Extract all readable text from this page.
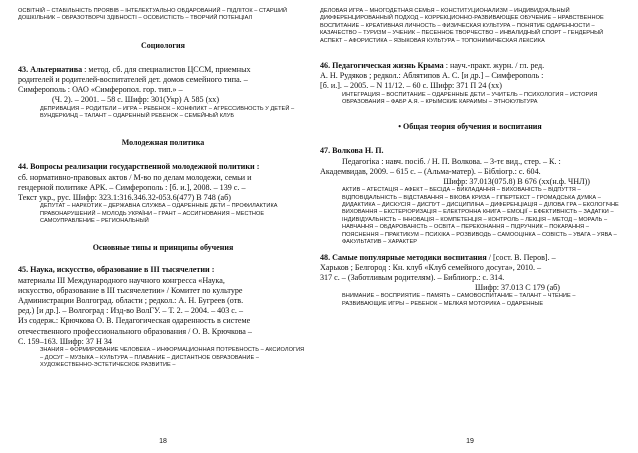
ОСВІТНІЙ – СТАБІЛЬНІСТЬ ПРОЯВІВ – ІНТЕЛЕКТУАЛЬНО ОБДАРОВАНИЙ – ПІДЛІТОК – СТАРШИЙ ДОШКІЛЬНИК – ОБРАЗОТВОРЧІ ЗДІБНОСТІ – ОСОБИСТІСТЬ – ТВОРЧИЙ ПОТЕНЦІАЛ
Социология
43. Альтернатива : метод. сб. для специалистов ЦССМ, приемных
родителей и родителей-воспитателей дет. домов семейного типа. –
Симферополь : ОАО «Симферопол. гор. тип.» –
(Ч. 2). – 2001. – 58 с. Шифр: 301(Укр) А 585 (хх)
ДЕПРИВАЦИЯ – РОДИТЕЛИ – ИГРА – РЕБЕНОК – КОНФЛИКТ – АГРЕССИВНОСТЬ У ДЕТЕЙ – ВУНДЕРКИНД – ТАЛАНТ – ОДАРЕННЫЙ РЕБЕНОК – СЕМЕЙНЫЙ КЛУБ
Молодежная политика
44. Вопросы реализации государственной молодежной политики :
сб. нормативно-правовых актов / М-во по делам молодежи, семьи и
гендерной политике АРК. – Симферополь : [б. и.], 2008. – 139 с. –
Текст укр., рус. Шифр: 323.1:316.346.32-053.6(477) В 748 (аб)
ДЕПУТАТ – НАРКОТИК – ДЕРЖАВНА СЛУЖБА – ОДАРЕННЫЕ ДЕТИ – ПРОФИЛАКТИКА ПРАВОНАРУШЕНИЙ – МОЛОДЬ УКРАЇНИ – ГРАНТ – АССИГНОВАНИЯ – МЕСТНОЕ САМОУПРАВЛЕНИЕ – РЕГИОНАЛЬНЫЙ
Основные типы и принципы обучения
45. Наука, искусство, образование в III тысячелетии :
материалы III Международного научного конгресса «Наука,
искусство, образование в III тысячелетии» / Комитет по культуре
Администрации Волгоград. области ; редкол.: А. Н. Бугреев (отв.
ред.) [и др.]. – Волгоград : Изд-во ВолГУ. – Т. 2. – 2004. – 403 с. –
Из содерж.: Крючкова О. В. Педагогическая одаренность в системе
отечественного профессионального образования / О. В. Крючкова –
С. 159–163. Шифр: 37 Н 34
ЗНАНИЯ – ФОРМИРОВАНИЕ ЧЕЛОВЕКА – ИНФОРМАЦИОННАЯ ПОТРЕБНОСТЬ – АКСИОЛОГИЯ – ДОСУГ – МУЗЫКА – КУЛЬТУРА – ПЛАВАНИЕ – ДИСТАНТНОЕ ОБРАЗОВАНИЕ – ХУДОЖЕСТВЕННО-ЭСТЕТИЧЕСКОЕ РАЗВИТИЕ –
18
ДЕЛОВАЯ ИГРА – МНОГОДЕТНАЯ СЕМЬЯ – КОНСТИТУЦИОНАЛИЗМ – ИНДИВИДУАЛЬНЫЙ ДИФФЕРЕНЦИРОВАННЫЙ ПОДХОД – КОРРЕКЦИОННО-РАЗВИВАЮЩЕЕ ОБУЧЕНИЕ – НРАВСТВЕННОЕ ВОСПИТАНИЕ – КРЕАТИВНАЯ ЛИЧНОСТЬ – ФИЗИЧЕСКАЯ КУЛЬТУРА – ПОНЯТИЕ ОДАРЕННОСТИ – КАЗАЧЕСТВО – ТУРИЗМ – УЧЕНИК – ПЕСЕННОЕ ТВОРЧЕСТВО – ИНВАЛИДНЫЙ СПОРТ – ГЕНДЕРНЫЙ АСПЕКТ – АФОРИСТИКА – ЯЗЫКОВАЯ КУЛЬТУРА – ТОПОНИМИЧЕСКАЯ ЛЕКСИКА
46. Педагогическая жизнь Крыма : науч.-практ. журн. / гл. ред.
А. Н. Рудяков ; редкол.: Аблятипов А. С. [и др.] – Симферополь :
[б. и.]. – 2005. – N 11/12. – 60 с. Шифр: 371 П 24 (хх)
ИНТЕГРАЦИЯ – ВОСПИТАНИЕ – ОДАРЕННЫЕ ДЕТИ – УЧИТЕЛЬ – ПСИХОЛОГИЯ – ИСТОРИЯ ОБРАЗОВАНИЯ – ФАБР А.Я. – КРЫМСКИЕ КАРАИМЫ – ЭТНОКУЛЬТУРА
• Общая теория обучения и воспитания
47. Волкова Н. П.
Педагогіка : навч. посіб. / Н. П. Волкова. – 3-тє вид., стер. – К. :
Академвидав, 2009. – 615 с. – (Альма-матер). – Бібліогр.: с. 604.
Шифр: 37.013(075.8) В 676 (хх(н.ф. ЧНЛ))
АКТИВ – АТЕСТАЦІЯ – АФЕКТ – БЕСІДА – ВИКЛАДАННЯ – ВИХОВАНІСТЬ – ВІДПУТТЯ – ВІДПОВІДАЛЬНІСТЬ – ВІДСТАВАННЯ – ВІКОВА КРИЗА – ГІПЕРТЕКСТ – ГРОМАДСЬКА ДУМКА – ДИДАКТИКА – ДИСКУСІЯ – ДИСПУТ – ДИСЦИПЛІНА – ДИФЕРЕНЦІАЦІЯ – ДІЛОВА ГРА – ЕКОЛОГІЧНЕ ВИХОВАННЯ – ЕКСТЕРІОРИЗАЦІЯ – ЕЛЕКТРОННА КНИГА – ЕМОЦІЇ – ЕФЕКТИВНІСТЬ – ЗАДАТКИ – ІНДИВІДУАЛЬНІСТЬ – ІННОВАЦІЯ – КОМПЕТЕНЦІЯ – КОНТРОЛЬ – ЛЕКЦІЯ – МЕТОД – МОРАЛЬ – НАВЧАННЯ – ОБДАРОВАНІСТЬ – ОСВІТА – ПЕРЕКОНАННЯ – ПІДРУЧНИК – ПОКАРАННЯ – ПОЯСНЕННЯ – ПРАКТИКУМ – ПСИХІКА – РОЗВИВОДЬ – САМООЦІНКА – СОВІСТЬ – УВАГА – УЯВА – ФАКУЛЬТАТИВ – ХАРАКТЕР
48. Самые популярные методики воспитания / [сост. В. Перов]. –
Харьков ; Белгород : Кн. клуб «Клуб семейного досуга», 2010. –
317 с. – (Заботливым родителям). – Библиогр.: с. 314.
Шифр: 37.013 С 179 (аб)
ВНИМАНИЕ – ВОСПРИЯТИЕ – ПАМЯТЬ – САМОВОСПИТАНИЕ – ТАЛАНТ – ЧТЕНИЕ – РАЗВИВАЮЩИЕ ИГРЫ – РЕБЕНОК – МЕЛКАЯ МОТОРИКА – ОДАРЕННЫЕ
19
